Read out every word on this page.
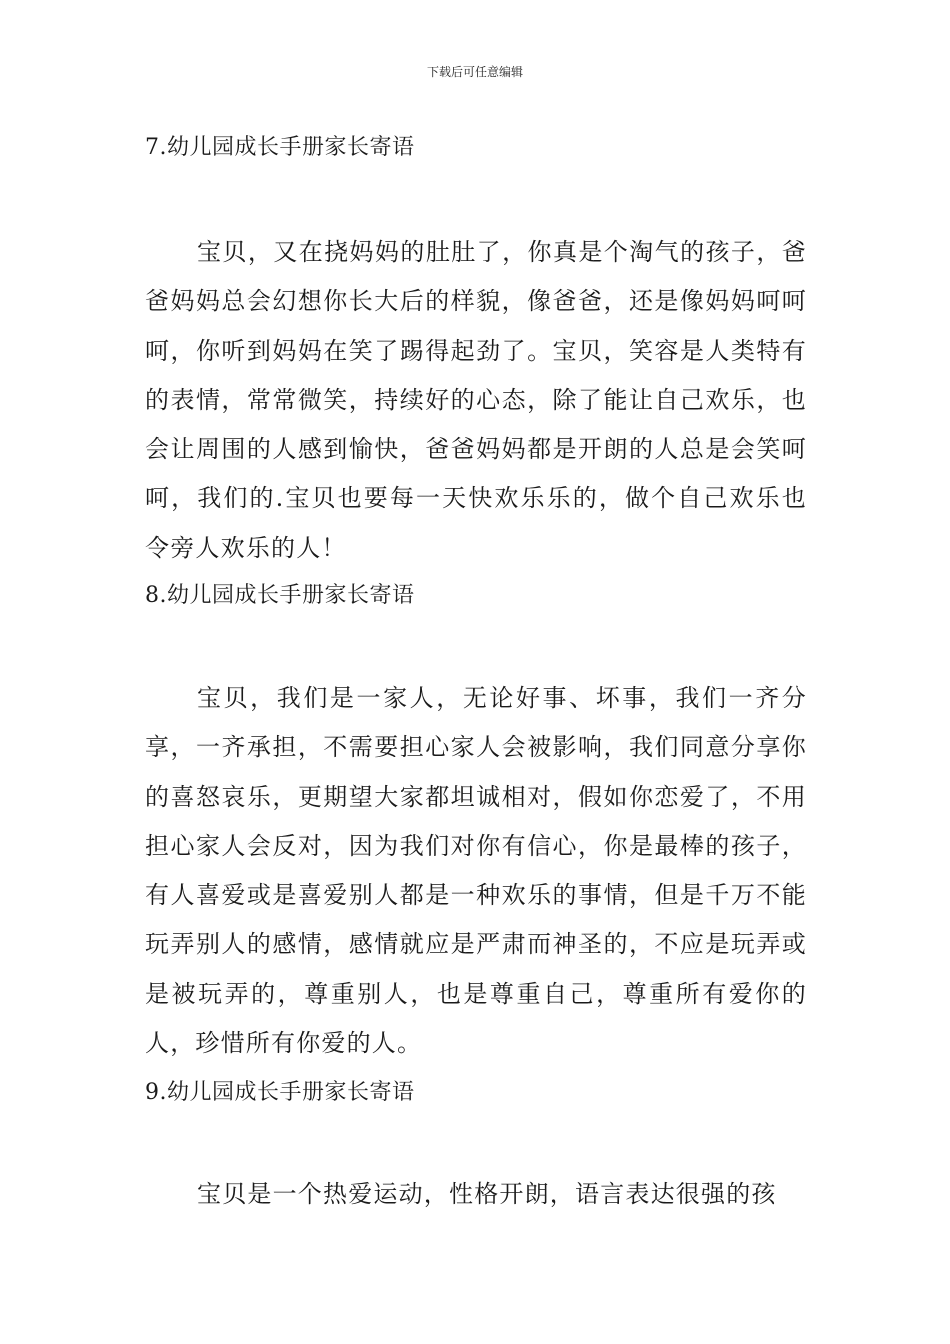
下载后可任意编辑
7.幼儿园成长手册家长寄语

宝贝，又在挠妈妈的肚肚了，你真是个淘气的孩子，爸爸妈妈总会幻想你长大后的样貌，像爸爸，还是像妈妈呵呵呵，你听到妈妈在笑了踢得起劲了。宝贝，笑容是人类特有的表情，常常微笑，持续好的心态，除了能让自己欢乐，也会让周围的人感到愉快，爸爸妈妈都是开朗的人总是会笑呵呵，我们的.宝贝也要每一天快欢乐乐的，做个自己欢乐也令旁人欢乐的人！

8.幼儿园成长手册家长寄语

宝贝，我们是一家人，无论好事、坏事，我们一齐分享，一齐承担，不需要担心家人会被影响，我们同意分享你的喜怒哀乐，更期望大家都坦诚相对，假如你恋爱了，不用担心家人会反对，因为我们对你有信心，你是最棒的孩子，有人喜爱或是喜爱别人都是一种欢乐的事情，但是千万不能玩弄别人的感情，感情就应是严肃而神圣的，不应是玩弄或是被玩弄的，尊重别人，也是尊重自己，尊重所有爱你的人，珍惜所有你爱的人。

9.幼儿园成长手册家长寄语

宝贝是一个热爱运动，性格开朗，语言表达很强的孩
